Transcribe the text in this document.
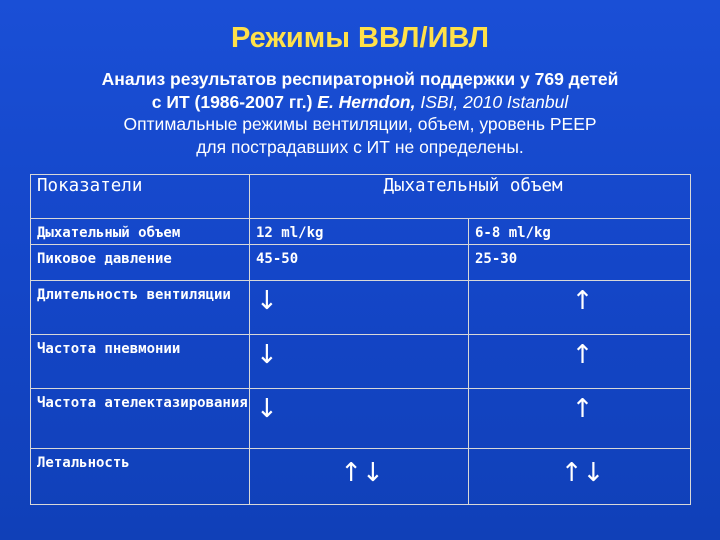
Режимы ВВЛ/ИВЛ
Анализ результатов респираторной поддержки у 769 детей
с ИТ (1986-2007 гг.) E. Herndon, ISBI, 2010 Istanbul
Оптимальные режимы вентиляции, объем, уровень PEEP
для пострадавших с ИТ не определены.
Показатели	Дыхательный объем	
Дыхательный объем	12 ml/kg	6-8 ml/kg
Пиковое давление	45-50	25-30
Длительность вентиляции	↓	↑

Частота пневмонии	↓	↑

Частота ателектазирования	↓	↑

Летальность	↑↓	↑↓
